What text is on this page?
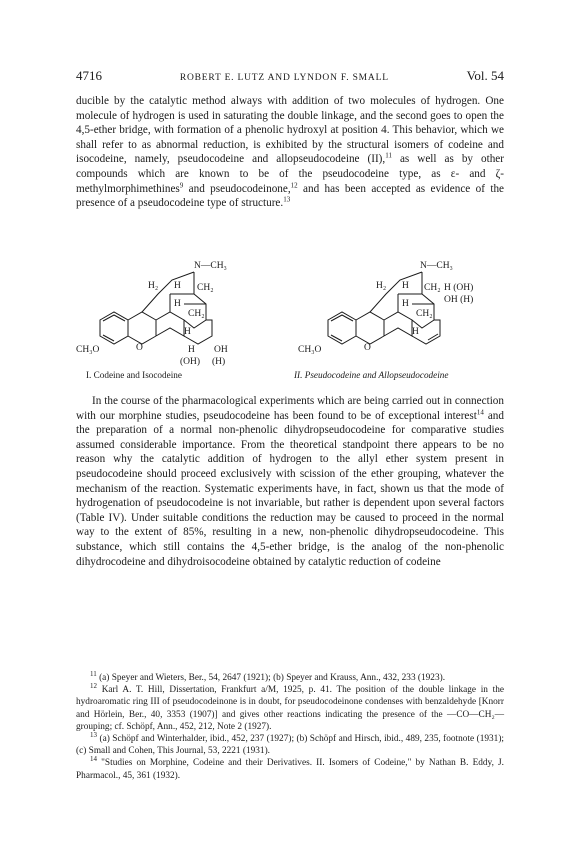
4716	ROBERT E. LUTZ AND LYNDON F. SMALL	Vol. 54

ducible by the catalytic method always with addition of two molecules of hydrogen. One molecule of hydrogen is used in saturating the double linkage, and the second goes to open the 4,5-ether bridge, with formation of a phenolic hydroxyl at position 4. This behavior, which we shall refer to as abnormal reduction, is exhibited by the structural isomers of codeine and isocodeine, namely, pseudocodeine and allopseudocodeine (II),$^{11}$ as well as by other compounds which are known to be of the pseudocodeine type, as ε- and ζ-methylmorphimethines$^9$ and pseudocodeinone,$^{12}$ and has been accepted as evidence of the presence of a pseudocodeine type of structure.$^{13}$

N—CH₃
H₂ H CH₂
H
CH₂
H
CH₃O	O	H OH
(OH) (H)
N—CH₃
H₂ H CH₂ H (OH)
OH (H)
H
CH₂
H
CH₃O	O
I. Codeine and Isocodeine	II. Pseudocodeine and Allopseudocodeine

In the course of the pharmacological experiments which are being carried out in connection with our morphine studies, pseudocodeine has been found to be of exceptional interest$^{14}$ and the preparation of a normal non-phenolic dihydropseudocodeine for comparative studies assumed considerable importance. From the theoretical standpoint there appears to be no reason why the catalytic addition of hydrogen to the allyl ether system present in pseudocodeine should proceed exclusively with scission of the ether grouping, whatever the mechanism of the reaction. Systematic experiments have, in fact, shown us that the mode of hydrogenation of pseudocodeine is not invariable, but rather is dependent upon several factors (Table IV). Under suitable conditions the reduction may be caused to proceed in the normal way to the extent of 85%, resulting in a new, non-phenolic dihydropseudocodeine. This substance, which still contains the 4,5-ether bridge, is the analog of the non-phenolic dihydrocodeine and dihydroisocodeine obtained by catalytic reduction of codeine

$^{11}$ (a) Speyer and Wieters, Ber., 54, 2647 (1921); (b) Speyer and Krauss, Ann., 432, 233 (1923).

$^{12}$ Karl A. T. Hill, Dissertation, Frankfurt a/M, 1925, p. 41. The position of the double linkage in the hydroaromatic ring III of pseudocodeinone is in doubt, for pseudocodeinone condenses with benzaldehyde [Knorr and Hörlein, Ber., 40, 3353 (1907)] and gives other reactions indicating the presence of the —CO—CH₂— grouping; cf. Schöpf, Ann., 452, 212, Note 2 (1927).

$^{13}$ (a) Schöpf and Winterhalder, ibid., 452, 237 (1927); (b) Schöpf and Hirsch, ibid., 489, 235, footnote (1931); (c) Small and Cohen, This Journal, 53, 2221 (1931).

$^{14}$ "Studies on Morphine, Codeine and their Derivatives. II. Isomers of Codeine," by Nathan B. Eddy, J. Pharmacol., 45, 361 (1932).
